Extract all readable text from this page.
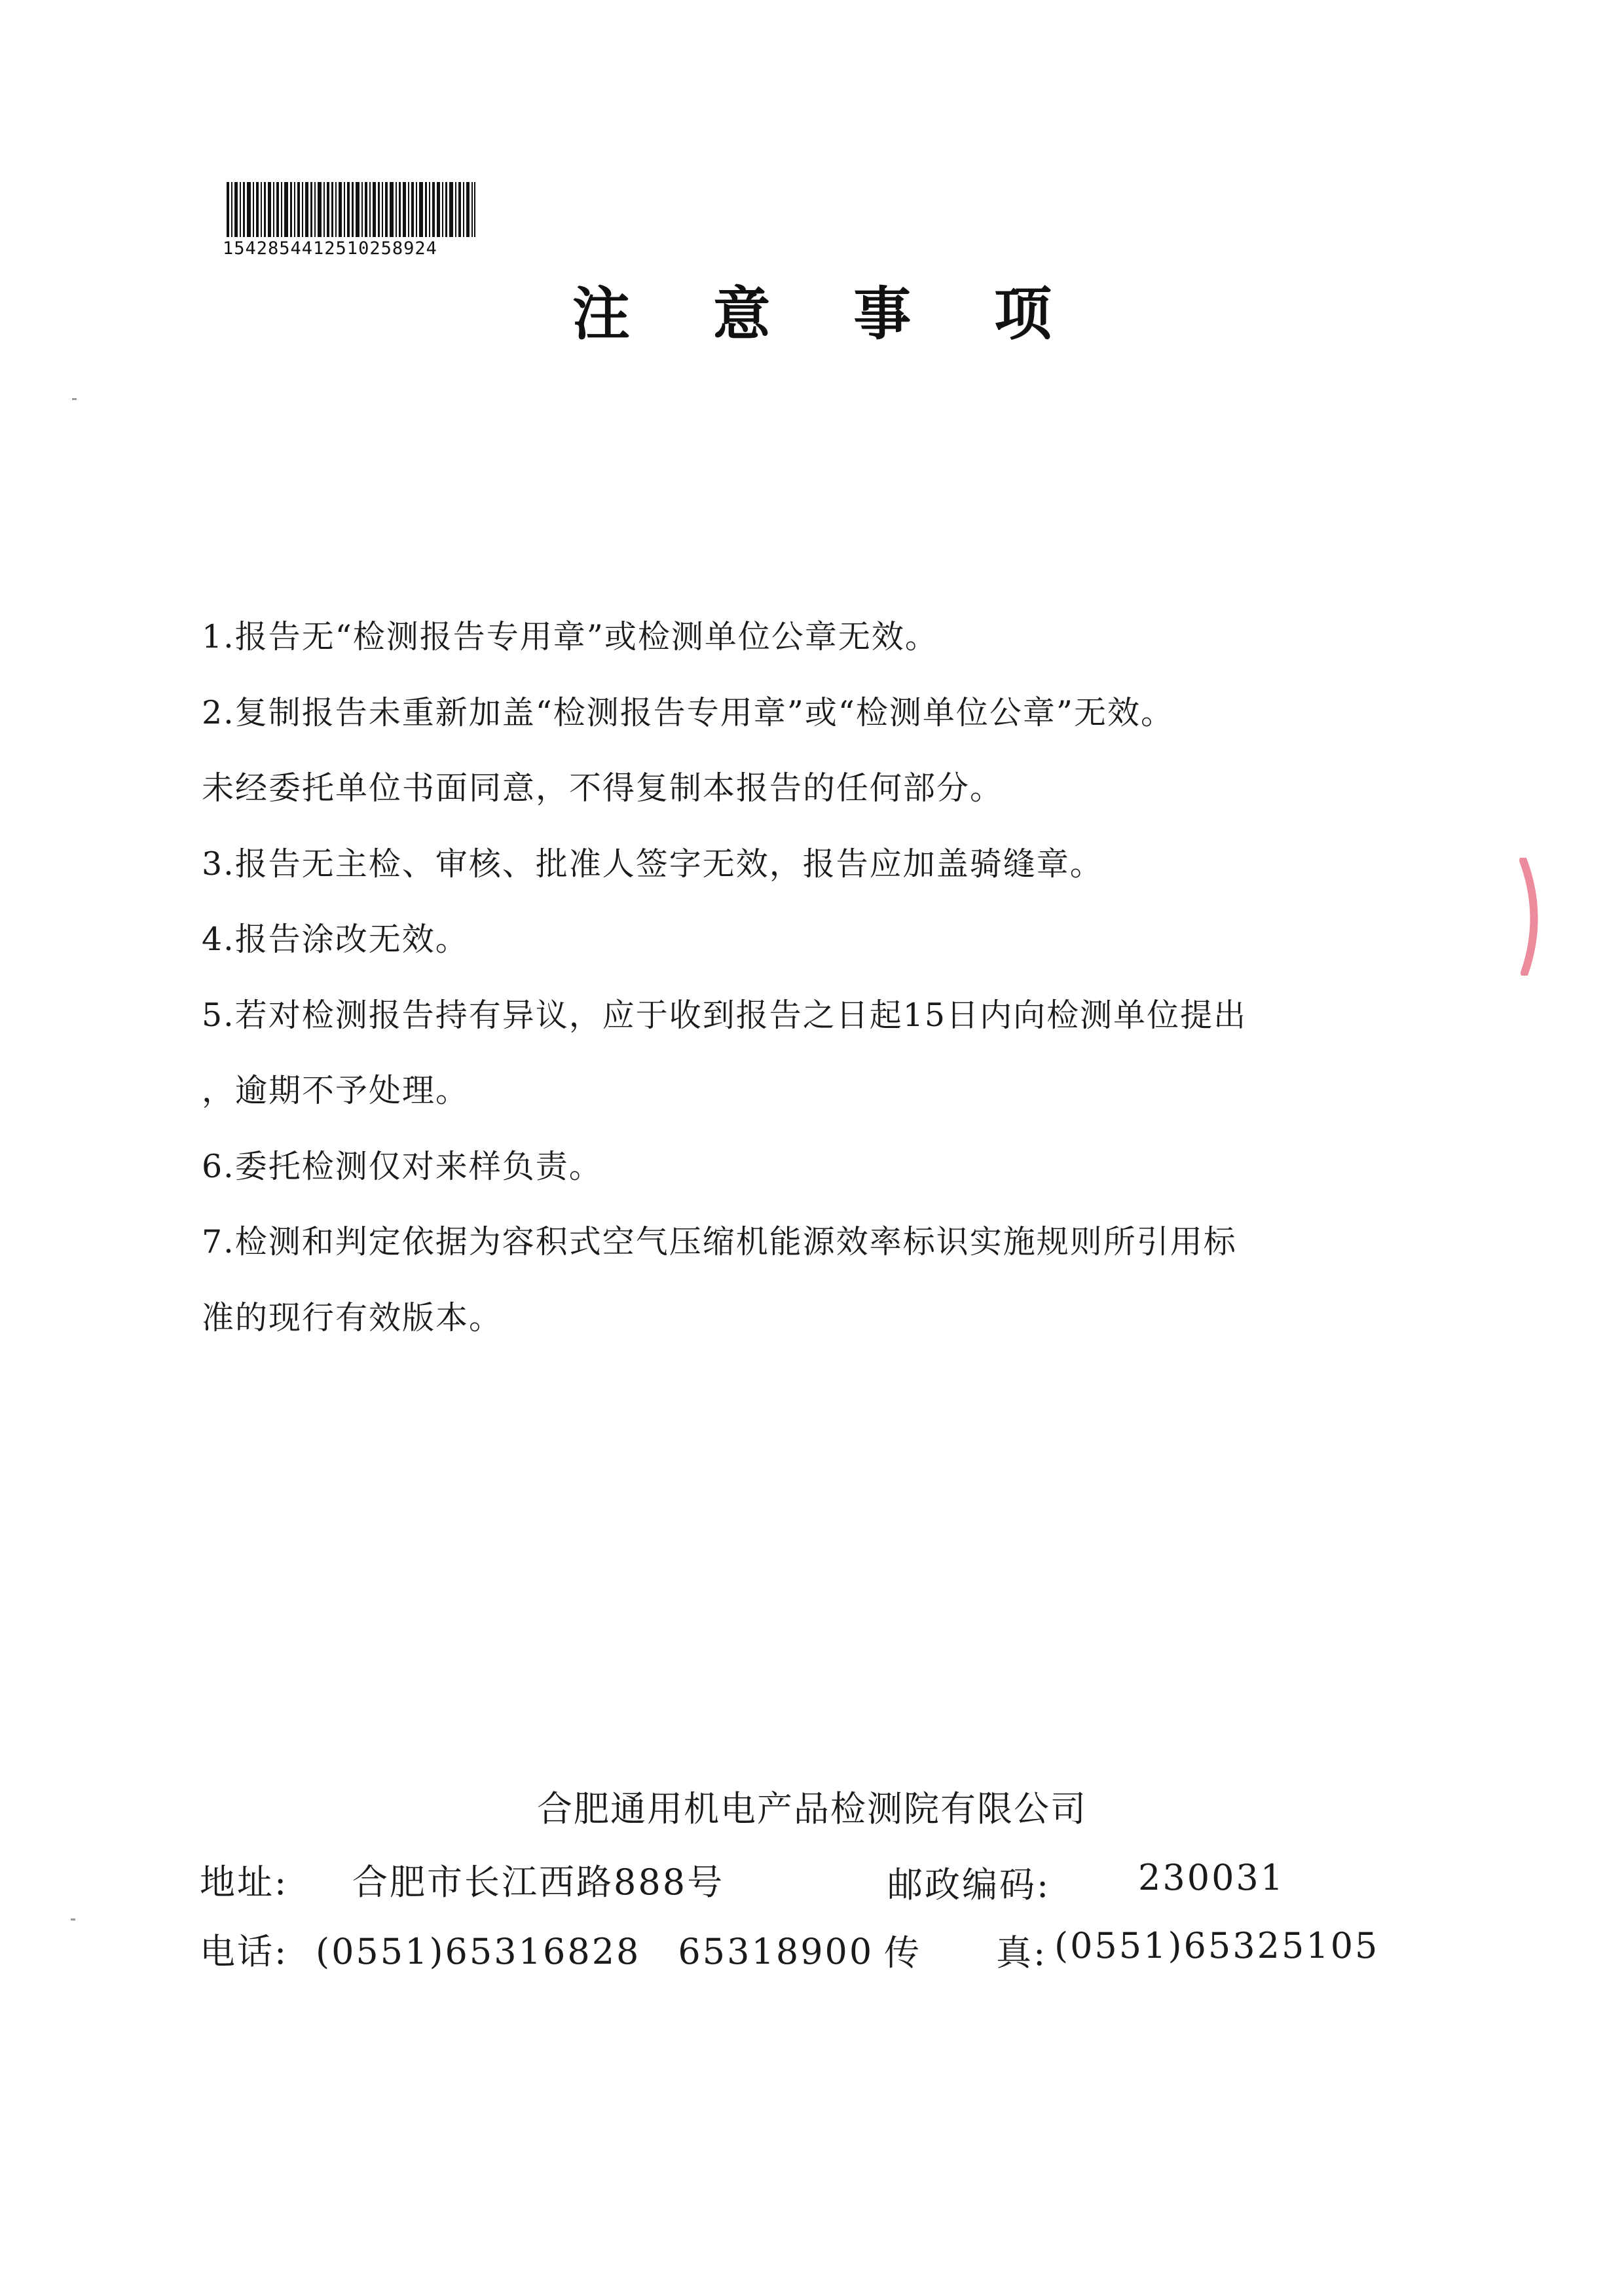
1542854412510258924
注 意 事 项
1.报告无“检测报告专用章”或检测单位公章无效。
2.复制报告未重新加盖“检测报告专用章”或“检测单位公章”无效。
未经委托单位书面同意，不得复制本报告的任何部分。
3.报告无主检、审核、批准人签字无效，报告应加盖骑缝章。
4.报告涂改无效。
5.若对检测报告持有异议，应于收到报告之日起15日内向检测单位提出
，逾期不予处理。
6.委托检测仅对来样负责。
7.检测和判定依据为容积式空气压缩机能源效率标识实施规则所引用标
准的现行有效版本。
合肥通用机电产品检测院有限公司
地址: 合肥市长江西路888号	邮政编码: 230031
电话: (0551)65316828　65318900 传　　真: (0551)65325105
